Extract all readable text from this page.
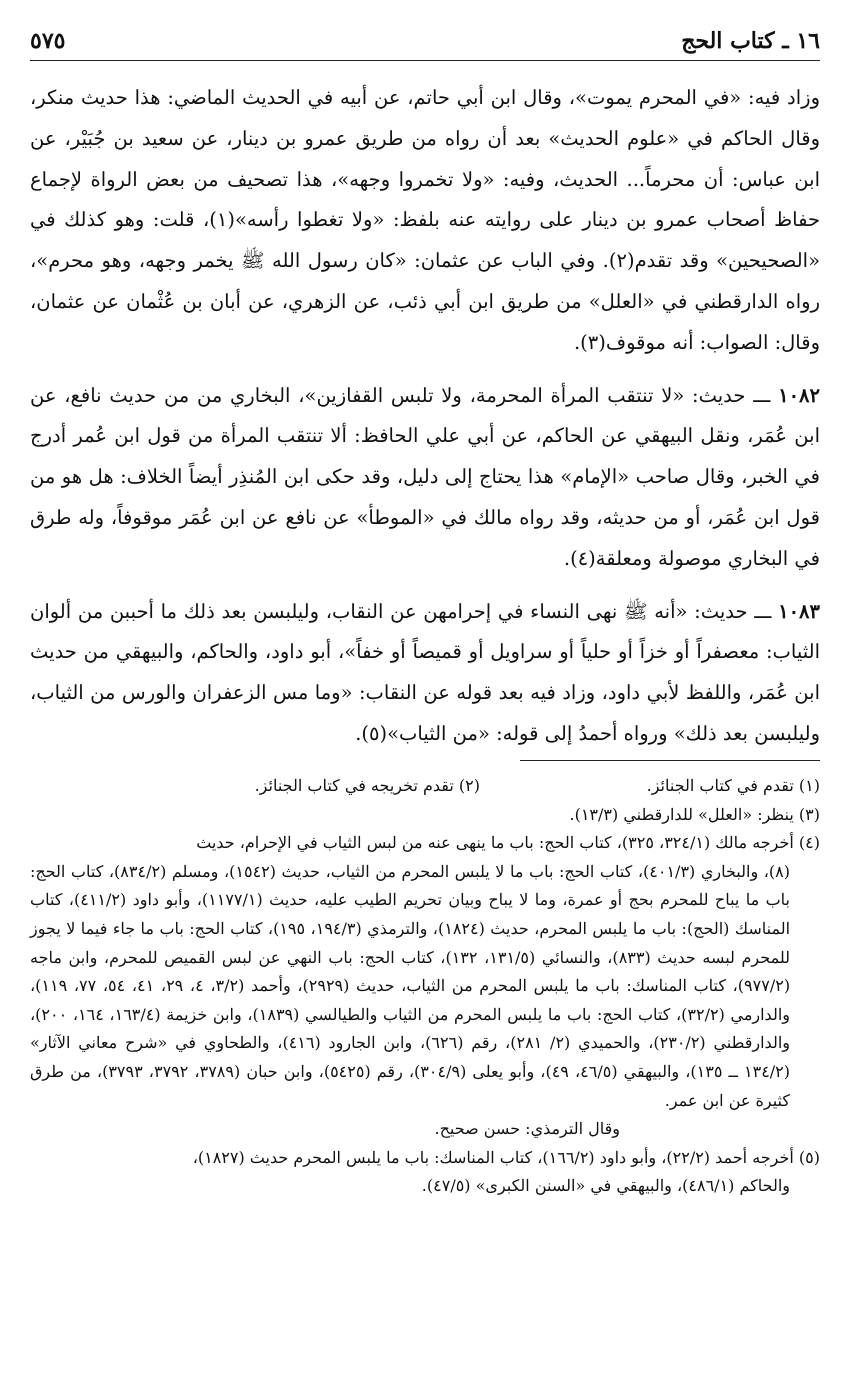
١٦ ـ كتاب الحج
٥٧٥

وزاد فيه: «في المحرم يموت»، وقال ابن أبي حاتم، عن أبيه في الحديث الماضي: هذا حديث منكر، وقال الحاكم في «علوم الحديث» بعد أن رواه من طريق عمرو بن دينار، عن سعيد بن جُبَيْر، عن ابن عباس: أن محرماً... الحديث، وفيه: «ولا تخمروا وجهه»، هذا تصحيف من بعض الرواة لإجماع حفاظ أصحاب عمرو بن دينار على روايته عنه بلفظ: «ولا تغطوا رأسه»(١)، قلت: وهو كذلك في «الصحيحين» وقد تقدم(٢). وفي الباب عن عثمان: «كان رسول الله ﷺ يخمر وجهه، وهو محرم»، رواه الدارقطني في «العلل» من طريق ابن أبي ذئب، عن الزهري، عن أبان بن عُثْمان عن عثمان، وقال: الصواب: أنه موقوف(٣).

١٠٨٢ ـــ حديث: «لا تنتقب المرأة المحرمة، ولا تلبس القفازين»، البخاري من من حديث نافع، عن ابن عُمَر، ونقل البيهقي عن الحاكم، عن أبي علي الحافظ: ألا تنتقب المرأة من قول ابن عُمر أدرج في الخبر، وقال صاحب «الإمام» هذا يحتاج إلى دليل، وقد حكى ابن المُنذِر أيضاً الخلاف: هل هو من قول ابن عُمَر، أو من حديثه، وقد رواه مالك في «الموطأ» عن نافع عن ابن عُمَر موقوفاً، وله طرق في البخاري موصولة ومعلقة(٤).

١٠٨٣ ـــ حديث: «أنه ﷺ نهى النساء في إحرامهن عن النقاب، وليلبسن بعد ذلك ما أحببن من ألوان الثياب: معصفراً أو خزاً أو حلياً أو سراويل أو قميصاً أو خفاً»، أبو داود، والحاكم، والبيهقي من حديث ابن عُمَر، واللفظ لأبي داود، وزاد فيه بعد قوله عن النقاب: «وما مس الزعفران والورس من الثياب، وليلبسن بعد ذلك» ورواه أحمدُ إلى قوله: «من الثياب»(٥).

(١) تقدم في كتاب الجنائز.
(٢) تقدم تخريجه في كتاب الجنائز.

(٣) ينظر: «العلل» للدارقطني (١٣/٣).

(٤) أخرجه مالك (٣٢٤/١، ٣٢٥)، كتاب الحج: باب ما ينهى عنه من لبس الثياب في الإحرام، حديث
(٨)، والبخاري (٤٠١/٣)، كتاب الحج: باب ما لا يلبس المحرم من الثياب، حديث (١٥٤٢)، ومسلم (٨٣٤/٢)، كتاب الحج: باب ما يباح للمحرم بحج أو عمرة، وما لا يباح وبيان تحريم الطيب عليه، حديث (١١٧٧/١)، وأبو داود (٤١١/٢)، كتاب المناسك (الحج): باب ما يلبس المحرم، حديث (١٨٢٤)، والترمذي (١٩٤/٣، ١٩٥)، كتاب الحج: باب ما جاء فيما لا يجوز للمحرم لبسه حديث (٨٣٣)، والنسائي (١٣١/٥، ١٣٢)، كتاب الحج: باب النهي عن لبس القميص للمحرم، وابن ماجه (٩٧٧/٢)، كتاب المناسك: باب ما يلبس المحرم من الثياب، حديث (٢٩٢٩)، وأحمد (٣/٢، ٤، ٢٩، ٤١، ٥٤، ٧٧، ١١٩)، والدارمي (٣٢/٢)، كتاب الحج: باب ما يلبس المحرم من الثياب والطيالسي (١٨٣٩)، وابن خزيمة (١٦٣/٤، ١٦٤، ٢٠٠)، والدارقطني (٢٣٠/٢)، والحميدي (٢/ ٢٨١)، رقم (٦٢٦)، وابن الجارود (٤١٦)، والطحاوي في «شرح معاني الآثار» (١٣٤/٢ ــ ١٣٥)، والبيهقي (٤٦/٥، ٤٩)، وأبو يعلى (٣٠٤/٩)، رقم (٥٤٢٥)، وابن حبان (٣٧٨٩، ٣٧٩٢، ٣٧٩٣)، من طرق كثيرة عن ابن عمر.

وقال الترمذي: حسن صحيح.

(٥) أخرجه أحمد (٢٢/٢)، وأبو داود (١٦٦/٢)، كتاب المناسك: باب ما يلبس المحرم حديث (١٨٢٧)،
والحاكم (٤٨٦/١)، والبيهقي في «السنن الكبرى» (٤٧/٥).
